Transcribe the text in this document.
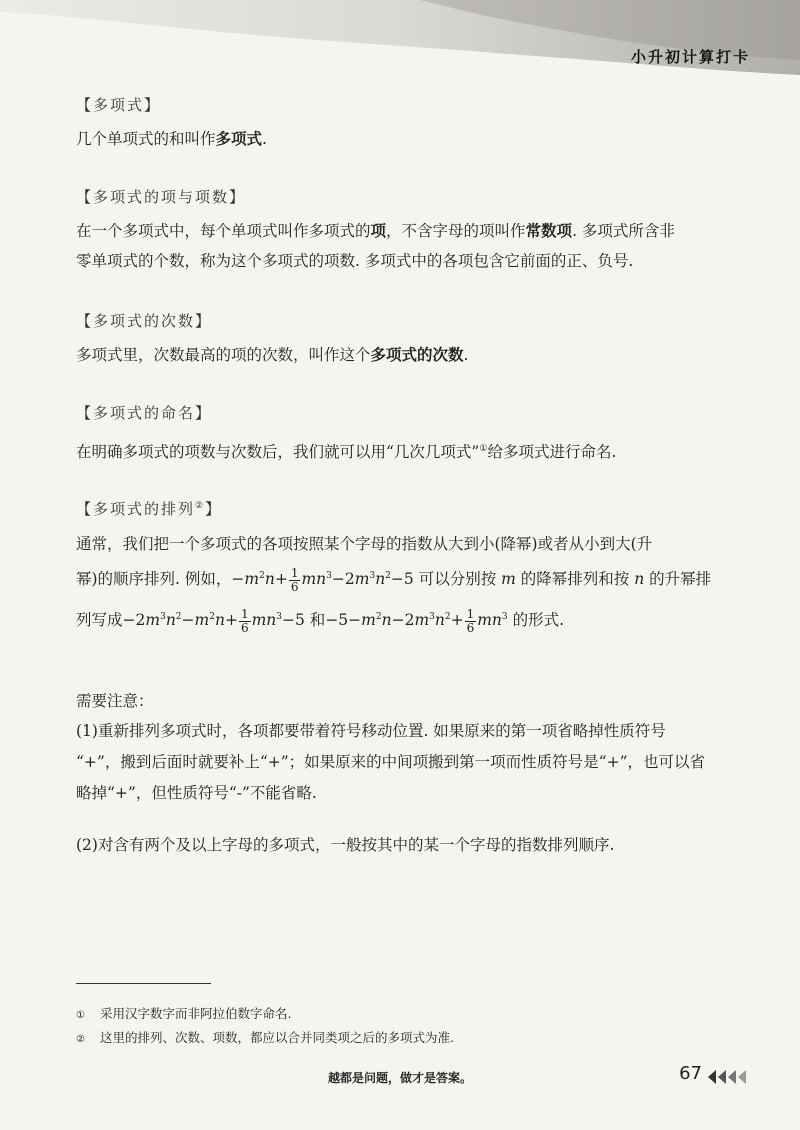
小升初计算打卡
【多项式】
几个单项式的和叫作多项式.
【多项式的项与项数】
在一个多项式中，每个单项式叫作多项式的项，不含字母的项叫作常数项. 多项式所含非
零单项式的个数，称为这个多项式的项数. 多项式中的各项包含它前面的正、负号.
【多项式的次数】
多项式里，次数最高的项的次数，叫作这个多项式的次数.
【多项式的命名】
在明确多项式的项数与次数后，我们就可以用“几次几项式”①给多项式进行命名.
【多项式的排列②】
通常，我们把一个多项式的各项按照某个字母的指数从大到小(降幂)或者从小到大(升
幂)的顺序排列. 例如，$-m^2n+ \frac{1}{6} mn^3-2m^3n^2-5$ 可以分别按 m 的降幂排列和按 n 的升幂排
列写成$-2m^3n^2-m^2n+ \frac{1}{6} mn^3-5$ 和$-5-m^2n-2m^3n^2+ \frac{1}{6} mn^3$ 的形式.
需要注意：
(1)重新排列多项式时，各项都要带着符号移动位置. 如果原来的第一项省略掉性质符号
“+”，搬到后面时就要补上“+”；如果原来的中间项搬到第一项而性质符号是“+”，也可以省
略掉“+”，但性质符号“-”不能省略.
(2)对含有两个及以上字母的多项式，一般按其中的某一个字母的指数排列顺序.
① 采用汉字数字而非阿拉伯数字命名.
② 这里的排列、次数、项数，都应以合并同类项之后的多项式为准.
越都是问题，做才是答案。	67
